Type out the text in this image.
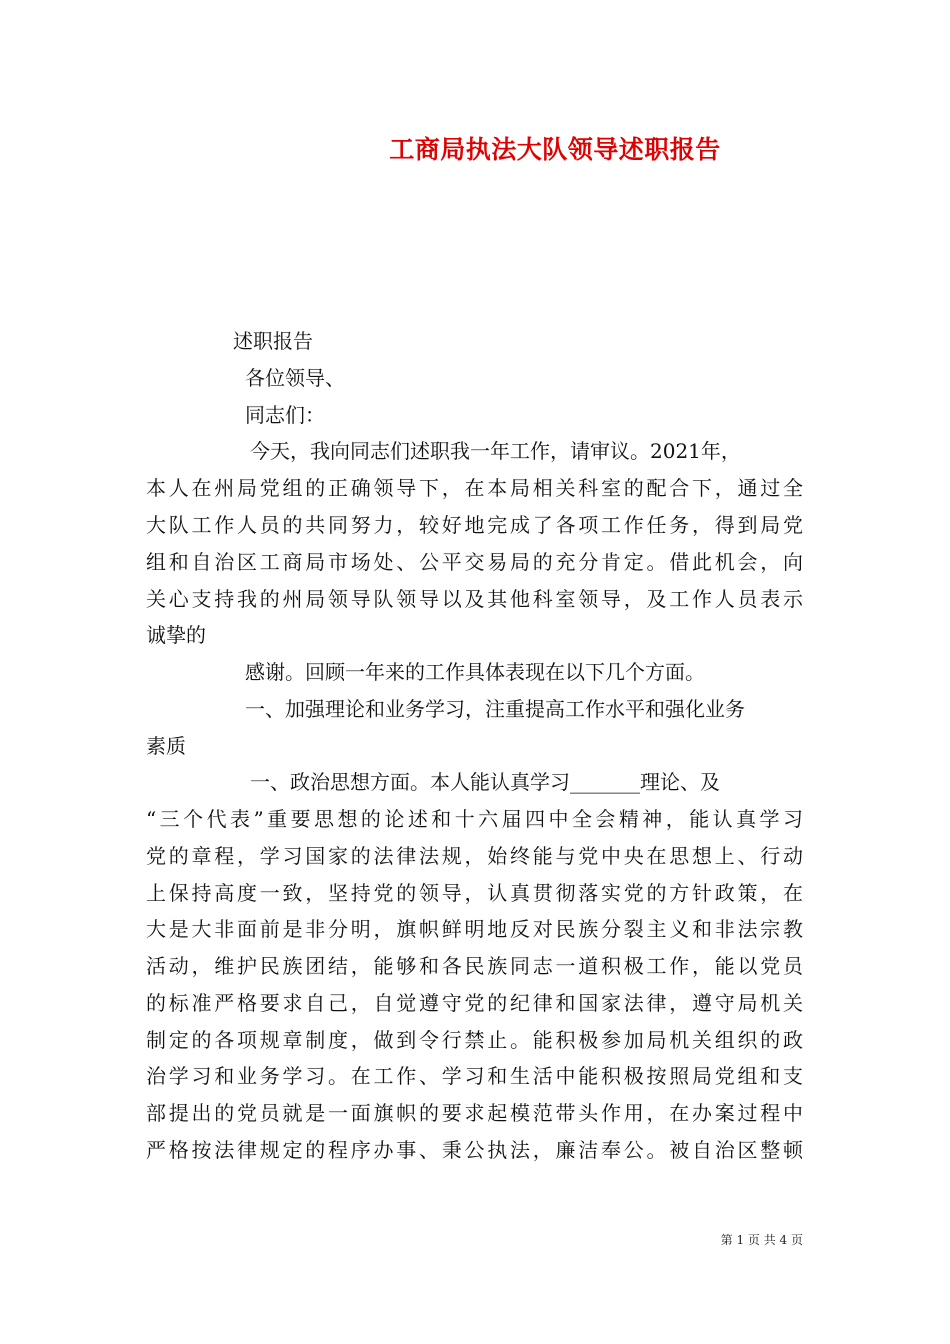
工商局执法大队领导述职报告
述职报告
各位领导、
同志们：
今天，我向同志们述职我一年工作，请审议。2021年，
本人在州局党组的正确领导下，在本局相关科室的配合下，通过全
大队工作人员的共同努力，较好地完成了各项工作任务，得到局党
组和自治区工商局市场处、公平交易局的充分肯定。借此机会，向
关心支持我的州局领导队领导以及其他科室领导，及工作人员表示
诚挚的
感谢。回顾一年来的工作具体表现在以下几个方面。
一、加强理论和业务学习，注重提高工作水平和强化业务
素质
一、政治思想方面。本人能认真学习_______理论、及
“三个代表”重要思想的论述和十六届四中全会精神，能认真学习
党的章程，学习国家的法律法规，始终能与党中央在思想上、行动
上保持高度一致，坚持党的领导，认真贯彻落实党的方针政策，在
大是大非面前是非分明，旗帜鲜明地反对民族分裂主义和非法宗教
活动，维护民族团结，能够和各民族同志一道积极工作，能以党员
的标准严格要求自己，自觉遵守党的纪律和国家法律，遵守局机关
制定的各项规章制度，做到令行禁止。能积极参加局机关组织的政
治学习和业务学习。在工作、学习和生活中能积极按照局党组和支
部提出的党员就是一面旗帜的要求起模范带头作用，在办案过程中
严格按法律规定的程序办事、秉公执法，廉洁奉公。被自治区整顿
第 1 页 共 4 页
